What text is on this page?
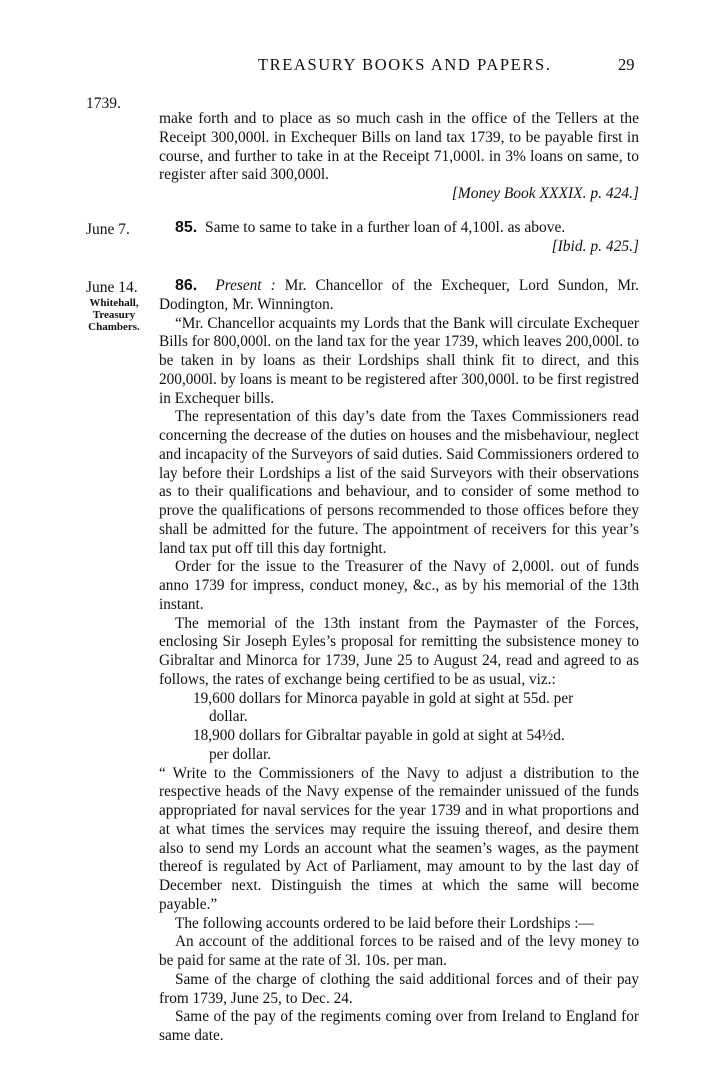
TREASURY BOOKS AND PAPERS.	29
1739.
June 7.
June 14.
Whitehall,
Treasury
Chambers.

make forth and to place as so much cash in the office of the Tellers at the Receipt 300,000l. in Exchequer Bills on land tax 1739, to be payable first in course, and further to take in at the Receipt 71,000l. in 3% loans on same, to register after said 300,000l.

[Money Book XXXIX. p. 424.]

85. Same to same to take in a further loan of 4,100l. as above.

[Ibid. p. 425.]

86. Present : Mr. Chancellor of the Exchequer, Lord Sundon, Mr. Dodington, Mr. Winnington.

“Mr. Chancellor acquaints my Lords that the Bank will circulate Exchequer Bills for 800,000l. on the land tax for the year 1739, which leaves 200,000l. to be taken in by loans as their Lordships shall think fit to direct, and this 200,000l. by loans is meant to be registered after 300,000l. to be first registred in Exchequer bills.

The representation of this day’s date from the Taxes Commissioners read concerning the decrease of the duties on houses and the misbehaviour, neglect and incapacity of the Surveyors of said duties. Said Commissioners ordered to lay before their Lordships a list of the said Surveyors with their observations as to their qualifications and behaviour, and to consider of some method to prove the qualifications of persons recommended to those offices before they shall be admitted for the future. The appointment of receivers for this year’s land tax put off till this day fortnight.

Order for the issue to the Treasurer of the Navy of 2,000l. out of funds anno 1739 for impress, conduct money, &c., as by his memorial of the 13th instant.

The memorial of the 13th instant from the Paymaster of the Forces, enclosing Sir Joseph Eyles’s proposal for remitting the subsistence money to Gibraltar and Minorca for 1739, June 25 to August 24, read and agreed to as follows, the rates of exchange being certified to be as usual, viz.:

19,600 dollars for Minorca payable in gold at sight at 55d. per
dollar.

18,900 dollars for Gibraltar payable in gold at sight at 54½d.
per dollar.

“ Write to the Commissioners of the Navy to adjust a distribution to the respective heads of the Navy expense of the remainder unissued of the funds appropriated for naval services for the year 1739 and in what proportions and at what times the services may require the issuing thereof, and desire them also to send my Lords an account what the seamen’s wages, as the payment thereof is regulated by Act of Parliament, may amount to by the last day of December next. Distinguish the times at which the same will become payable.”

The following accounts ordered to be laid before their Lordships :—

An account of the additional forces to be raised and of the levy money to be paid for same at the rate of 3l. 10s. per man.

Same of the charge of clothing the said additional forces and of their pay from 1739, June 25, to Dec. 24.

Same of the pay of the regiments coming over from Ireland to England for same date.
